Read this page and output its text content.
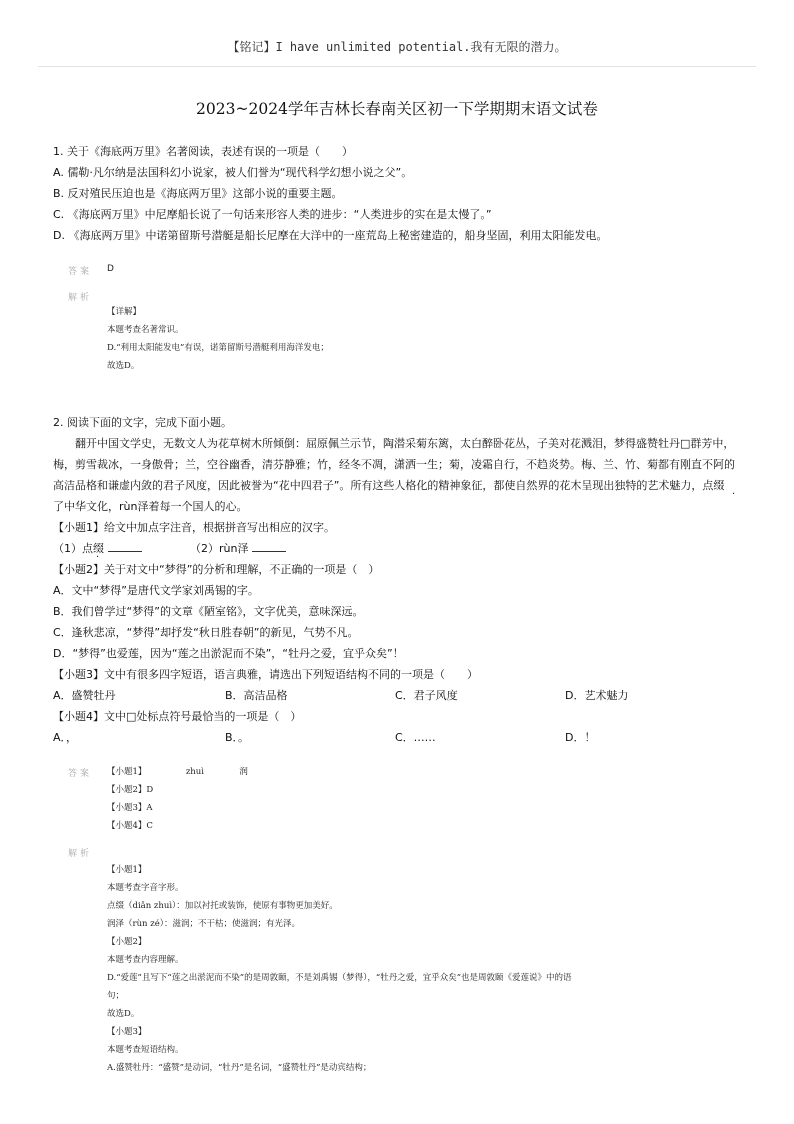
【铭记】I have unlimited potential.我有无限的潜力。
2023~2024学年吉林长春南关区初一下学期期末语文试卷
1. 关于《海底两万里》名著阅读，表述有误的一项是（　　）
A. 儒勒·凡尔纳是法国科幻小说家，被人们誉为“现代科学幻想小说之父”。
B. 反对殖民压迫也是《海底两万里》这部小说的重要主题。
C. 《海底两万里》中尼摩船长说了一句话来形容人类的进步：“人类进步的实在是太慢了。”
D. 《海底两万里》中诺第留斯号潜艇是船长尼摩在大洋中的一座荒岛上秘密建造的，船身坚固，利用太阳能发电。
答案 D
解析
【详解】
本题考查名著常识。
D.“利用太阳能发电”有误，诺第留斯号潜艇利用海洋发电；
故选D。
2. 阅读下面的文字，完成下面小题。
翻开中国文学史，无数文人为花草树木所倾倒：屈原佩兰示节，陶潜采菊东篱，太白醉卧花丛，子美对花溅泪，梦得盛赞牡丹□群芳中，
梅，剪雪裁冰，一身傲骨；兰，空谷幽香，清芬静雅；竹，经冬不凋，潇洒一生；菊，凌霜自行，不趋炎势。梅、兰、竹、菊都有刚直不阿的
高洁品格和谦虚内敛的君子风度，因此被誉为“花中四君子”。所有这些人格化的精神象征，都使自然界的花木呈现出独特的艺术魅力，点缀
·
了中华文化，rùn泽着每一个国人的心。
【小题1】给文中加点字注音，根据拼音写出相应的汉字。
（1）点缀	（2）rùn泽
·
【小题2】关于对文中“梦得”的分析和理解，不正确的一项是（　）
A．文中“梦得”是唐代文学家刘禹锡的字。
B．我们曾学过“梦得”的文章《陋室铭》，文字优美，意味深远。
C．逢秋悲凉，“梦得”却抒发“秋日胜春朝”的新见，气势不凡。
D．“梦得”也爱莲，因为“莲之出淤泥而不染”，“牡丹之爱，宜乎众矣”！
【小题3】文中有很多四字短语，语言典雅，请选出下列短语结构不同的一项是（　　）
A．盛赞牡丹	B．高洁品格	C．君子风度	D．艺术魅力
【小题4】文中□处标点符号最恰当的一项是（　）
A．，	B．。	C．……	D．！
答案 【小题1】	zhuì	润
【小题2】D
【小题3】A
【小题4】C
解析
【小题1】
本题考查字音字形。
点缀（diǎn zhuì）：加以衬托或装饰，使原有事物更加美好。
润泽（rùn zé）：滋润；不干枯；使滋润；有光泽。
【小题2】
本题考查内容理解。
D.“爱莲”且写下“莲之出淤泥而不染”的是周敦颐，不是刘禹锡（梦得），“牡丹之爱，宜乎众矣”也是周敦颐《爱莲说》中的语
句；
故选D。
【小题3】
本题考查短语结构。
A.盛赞牡丹：“盛赞”是动词，“牡丹”是名词，“盛赞牡丹”是动宾结构；
